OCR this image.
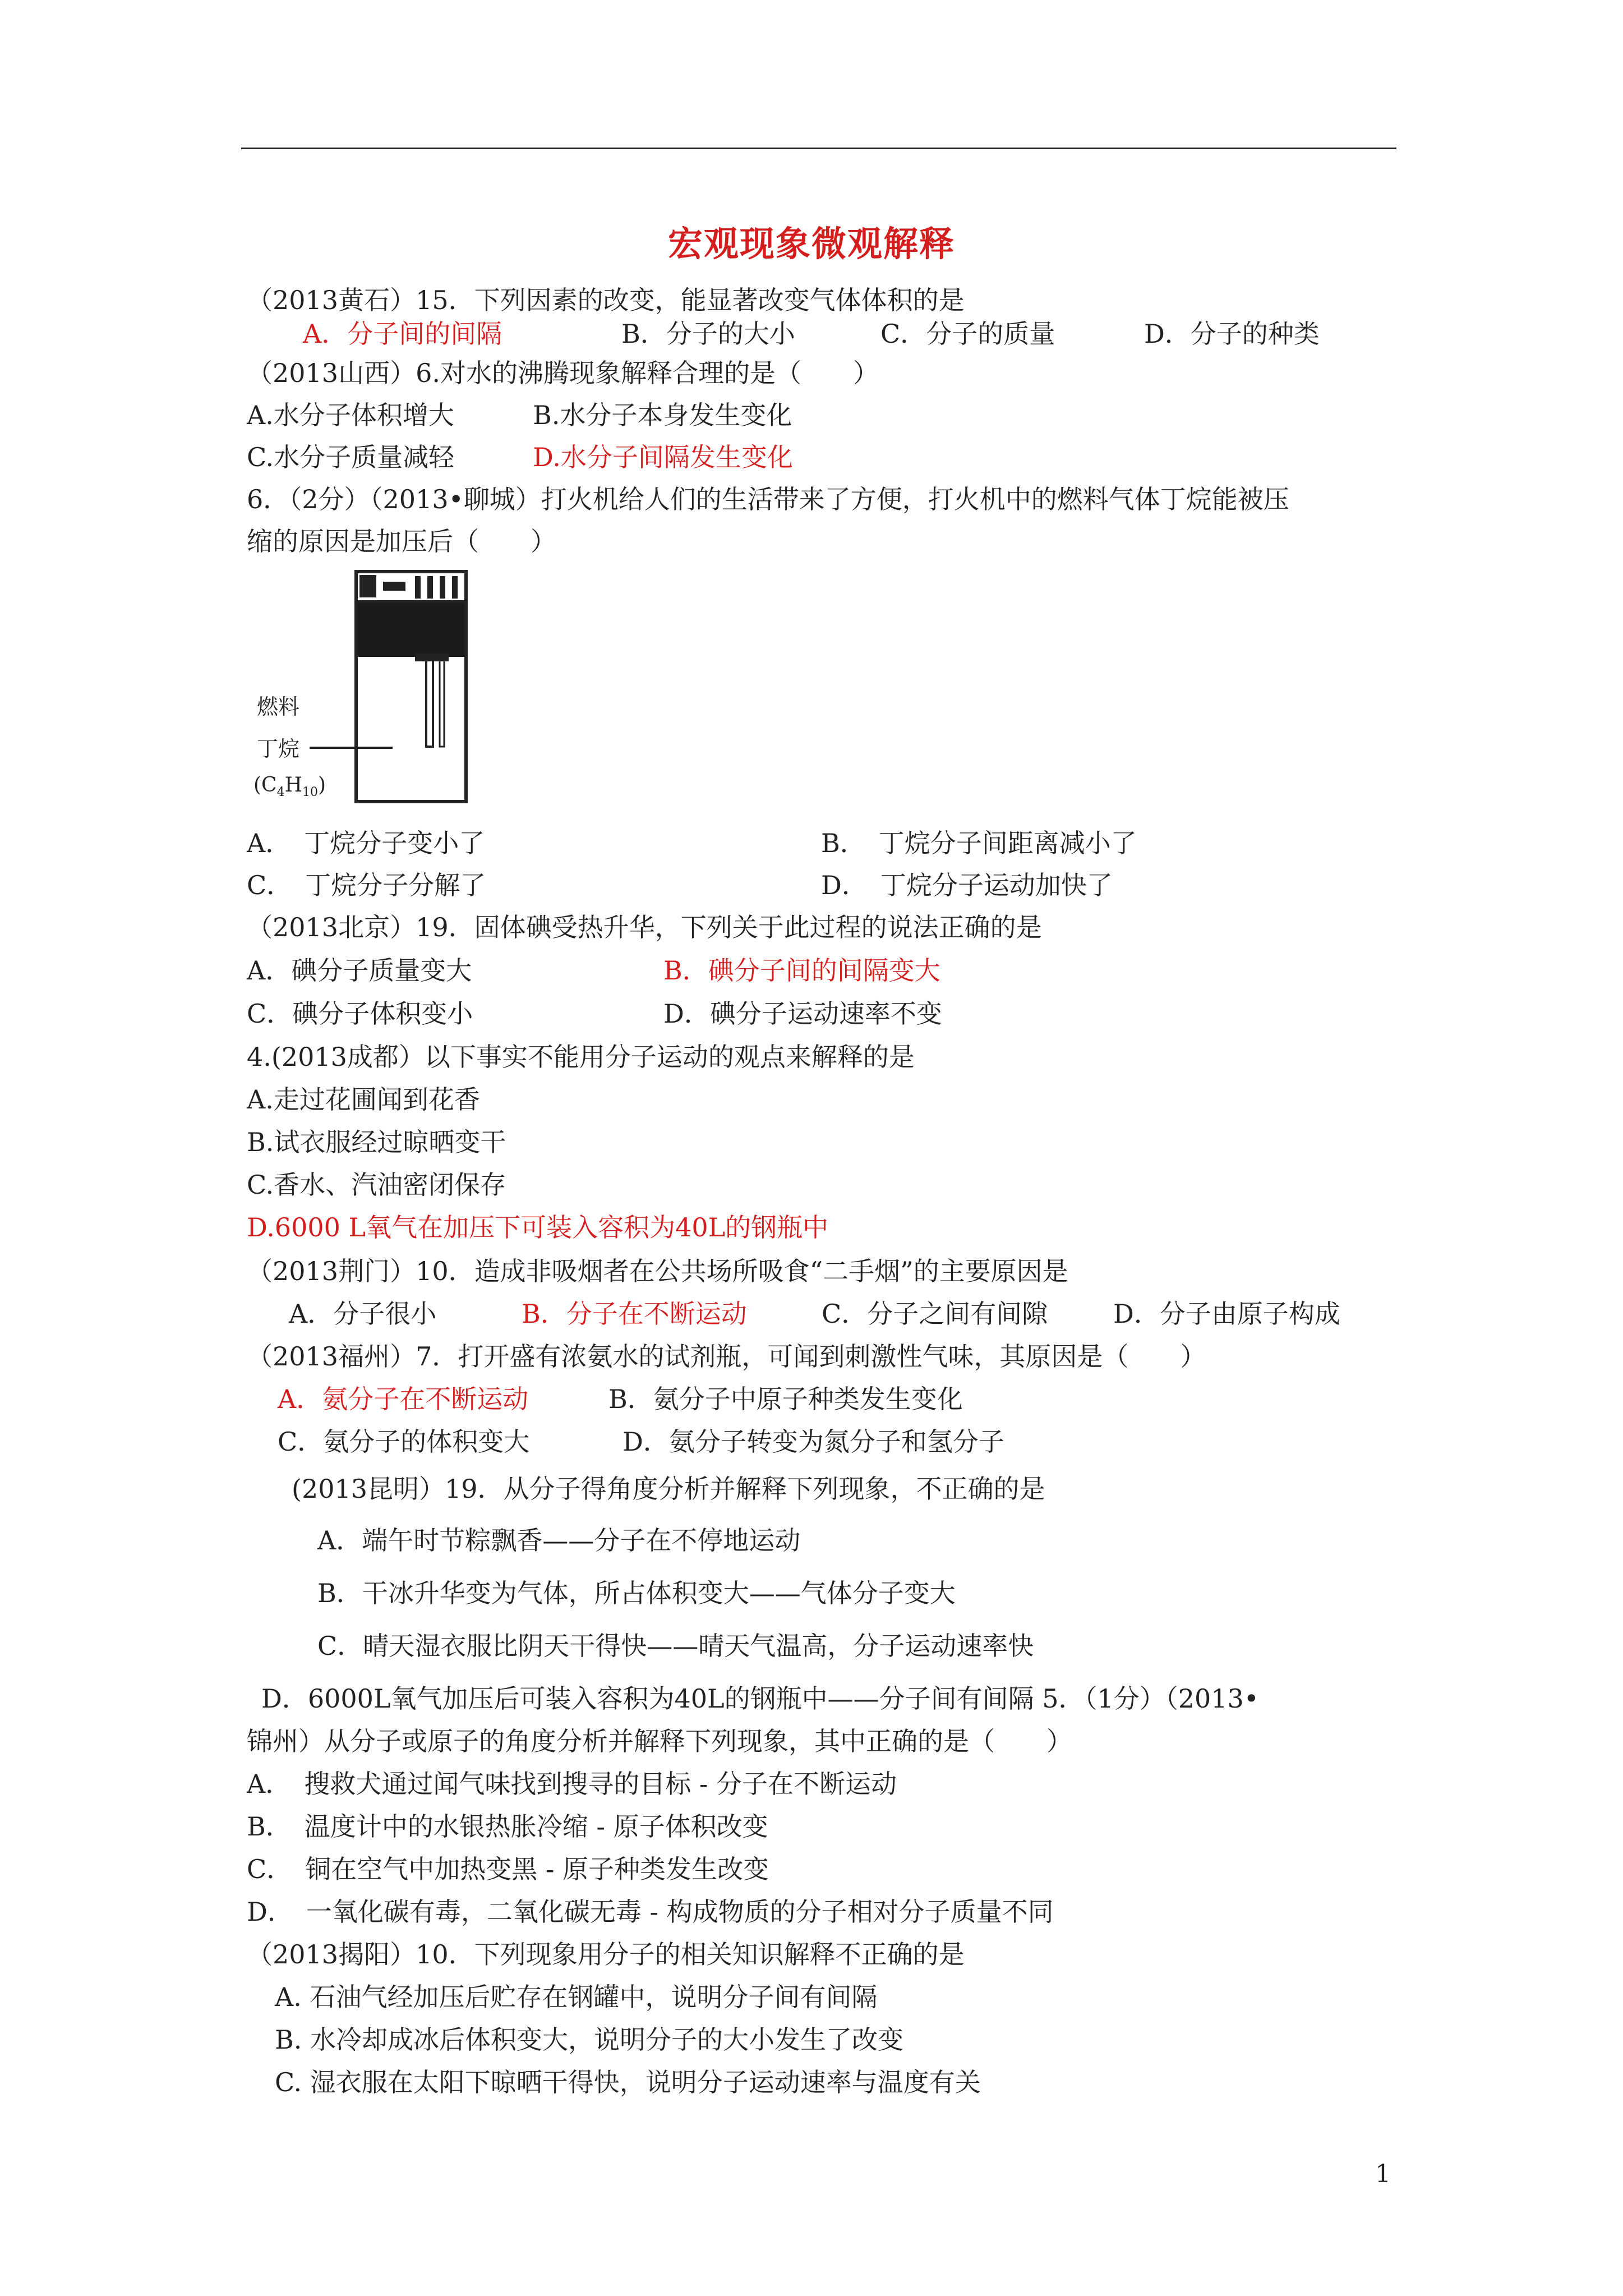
宏观现象微观解释
（2013黄石）15．下列因素的改变，能显著改变气体体积的是
A．分子间的间隔	B．分子的大小	C．分子的质量	D．分子的种类
（2013山西）6.对水的沸腾现象解释合理的是（　　）
A.水分子体积增大	B.水分子本身发生变化
C.水分子质量减轻	D.水分子间隔发生变化
6．（2分）（2013•聊城）打火机给人们的生活带来了方便，打火机中的燃料气体丁烷能被压
缩的原因是加压后（　　）
燃料
丁烷
$(C_4H_{10})$
A．　丁烷分子变小了	B．　丁烷分子间距离减小了
C．　丁烷分子分解了	D．　丁烷分子运动加快了
（2013北京）19．固体碘受热升华，下列关于此过程的说法正确的是
A．碘分子质量变大	B．碘分子间的间隔变大
C．碘分子体积变小	D．碘分子运动速率不变
4.(2013成都）以下事实不能用分子运动的观点来解释的是
A.走过花圃闻到花香
B.试衣服经过晾晒变干
C.香水、汽油密闭保存
D.6000 L氧气在加压下可装入容积为40L的钢瓶中
（2013荆门）10．造成非吸烟者在公共场所吸食“二手烟”的主要原因是
A．分子很小	B．分子在不断运动	C．分子之间有间隙	D．分子由原子构成
（2013福州）7．打开盛有浓氨水的试剂瓶，可闻到刺激性气味，其原因是（　　）
A．氨分子在不断运动	B．氨分子中原子种类发生变化
C．氨分子的体积变大	D．氨分子转变为氮分子和氢分子
(2013昆明）19．从分子得角度分析并解释下列现象，不正确的是
A．端午时节粽飘香——分子在不停地运动
B．干冰升华变为气体，所占体积变大——气体分子变大
C．晴天湿衣服比阴天干得快——晴天气温高，分子运动速率快
D．6000L氧气加压后可装入容积为40L的钢瓶中——分子间有间隔 5．（1分）（2013•
锦州）从分子或原子的角度分析并解释下列现象，其中正确的是（　　）
A．　搜救犬通过闻气味找到搜寻的目标 - 分子在不断运动
B．　温度计中的水银热胀冷缩 - 原子体积改变
C．　铜在空气中加热变黑 - 原子种类发生改变
D．　一氧化碳有毒，二氧化碳无毒 - 构成物质的分子相对分子质量不同
（2013揭阳）10．下列现象用分子的相关知识解释不正确的是
A. 石油气经加压后贮存在钢罐中，说明分子间有间隔
B. 水冷却成冰后体积变大，说明分子的大小发生了改变
C. 湿衣服在太阳下晾晒干得快，说明分子运动速率与温度有关
1
